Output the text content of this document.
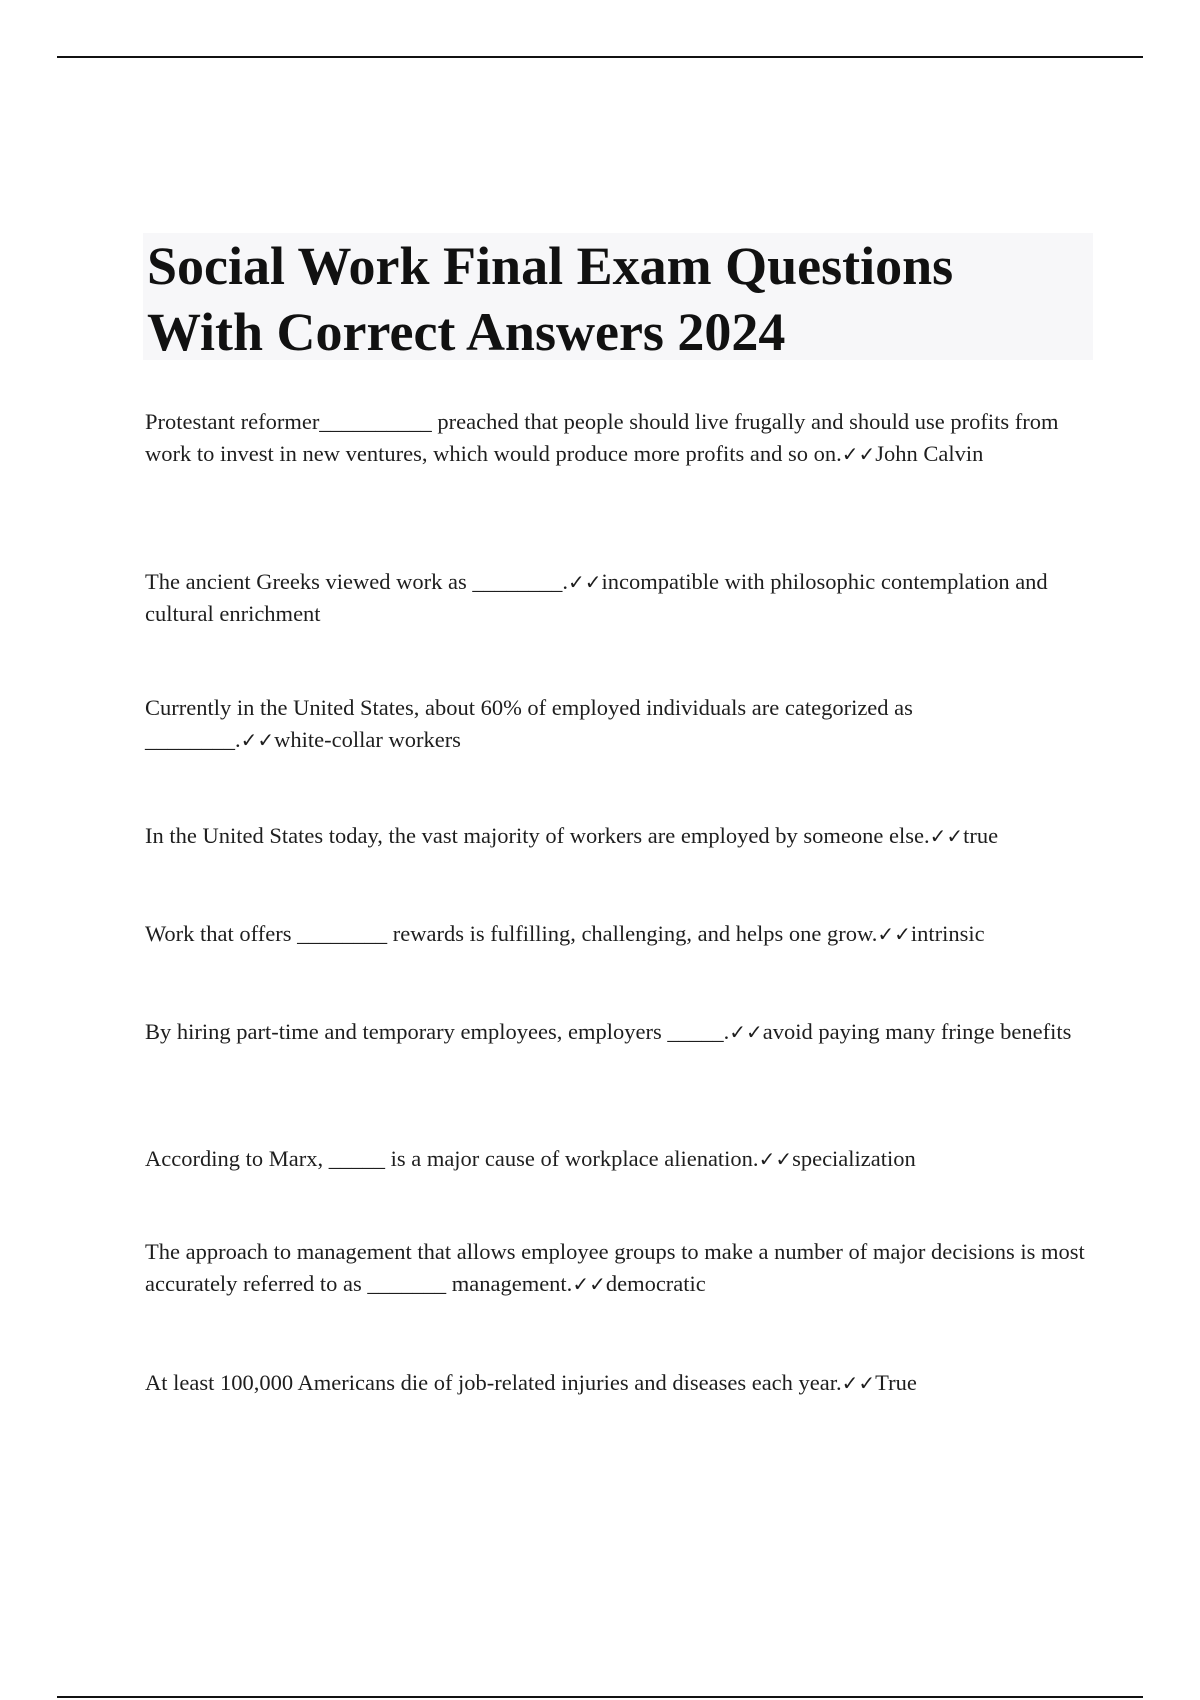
Social Work Final Exam Questions
With Correct Answers 2024
Protestant reformer__________ preached that people should live frugally and should use profits from work to invest in new ventures, which would produce more profits and so on.✓✓John Calvin
The ancient Greeks viewed work as ________.✓✓incompatible with philosophic contemplation and cultural enrichment
Currently in the United States, about 60% of employed individuals are categorized as ________.✓✓white-collar workers
In the United States today, the vast majority of workers are employed by someone else.✓✓true
Work that offers ________ rewards is fulfilling, challenging, and helps one grow.✓✓intrinsic
By hiring part-time and temporary employees, employers _____.✓✓avoid paying many fringe benefits
According to Marx, _____ is a major cause of workplace alienation.✓✓specialization
The approach to management that allows employee groups to make a number of major decisions is most accurately referred to as _______ management.✓✓democratic
At least 100,000 Americans die of job-related injuries and diseases each year.✓✓True
